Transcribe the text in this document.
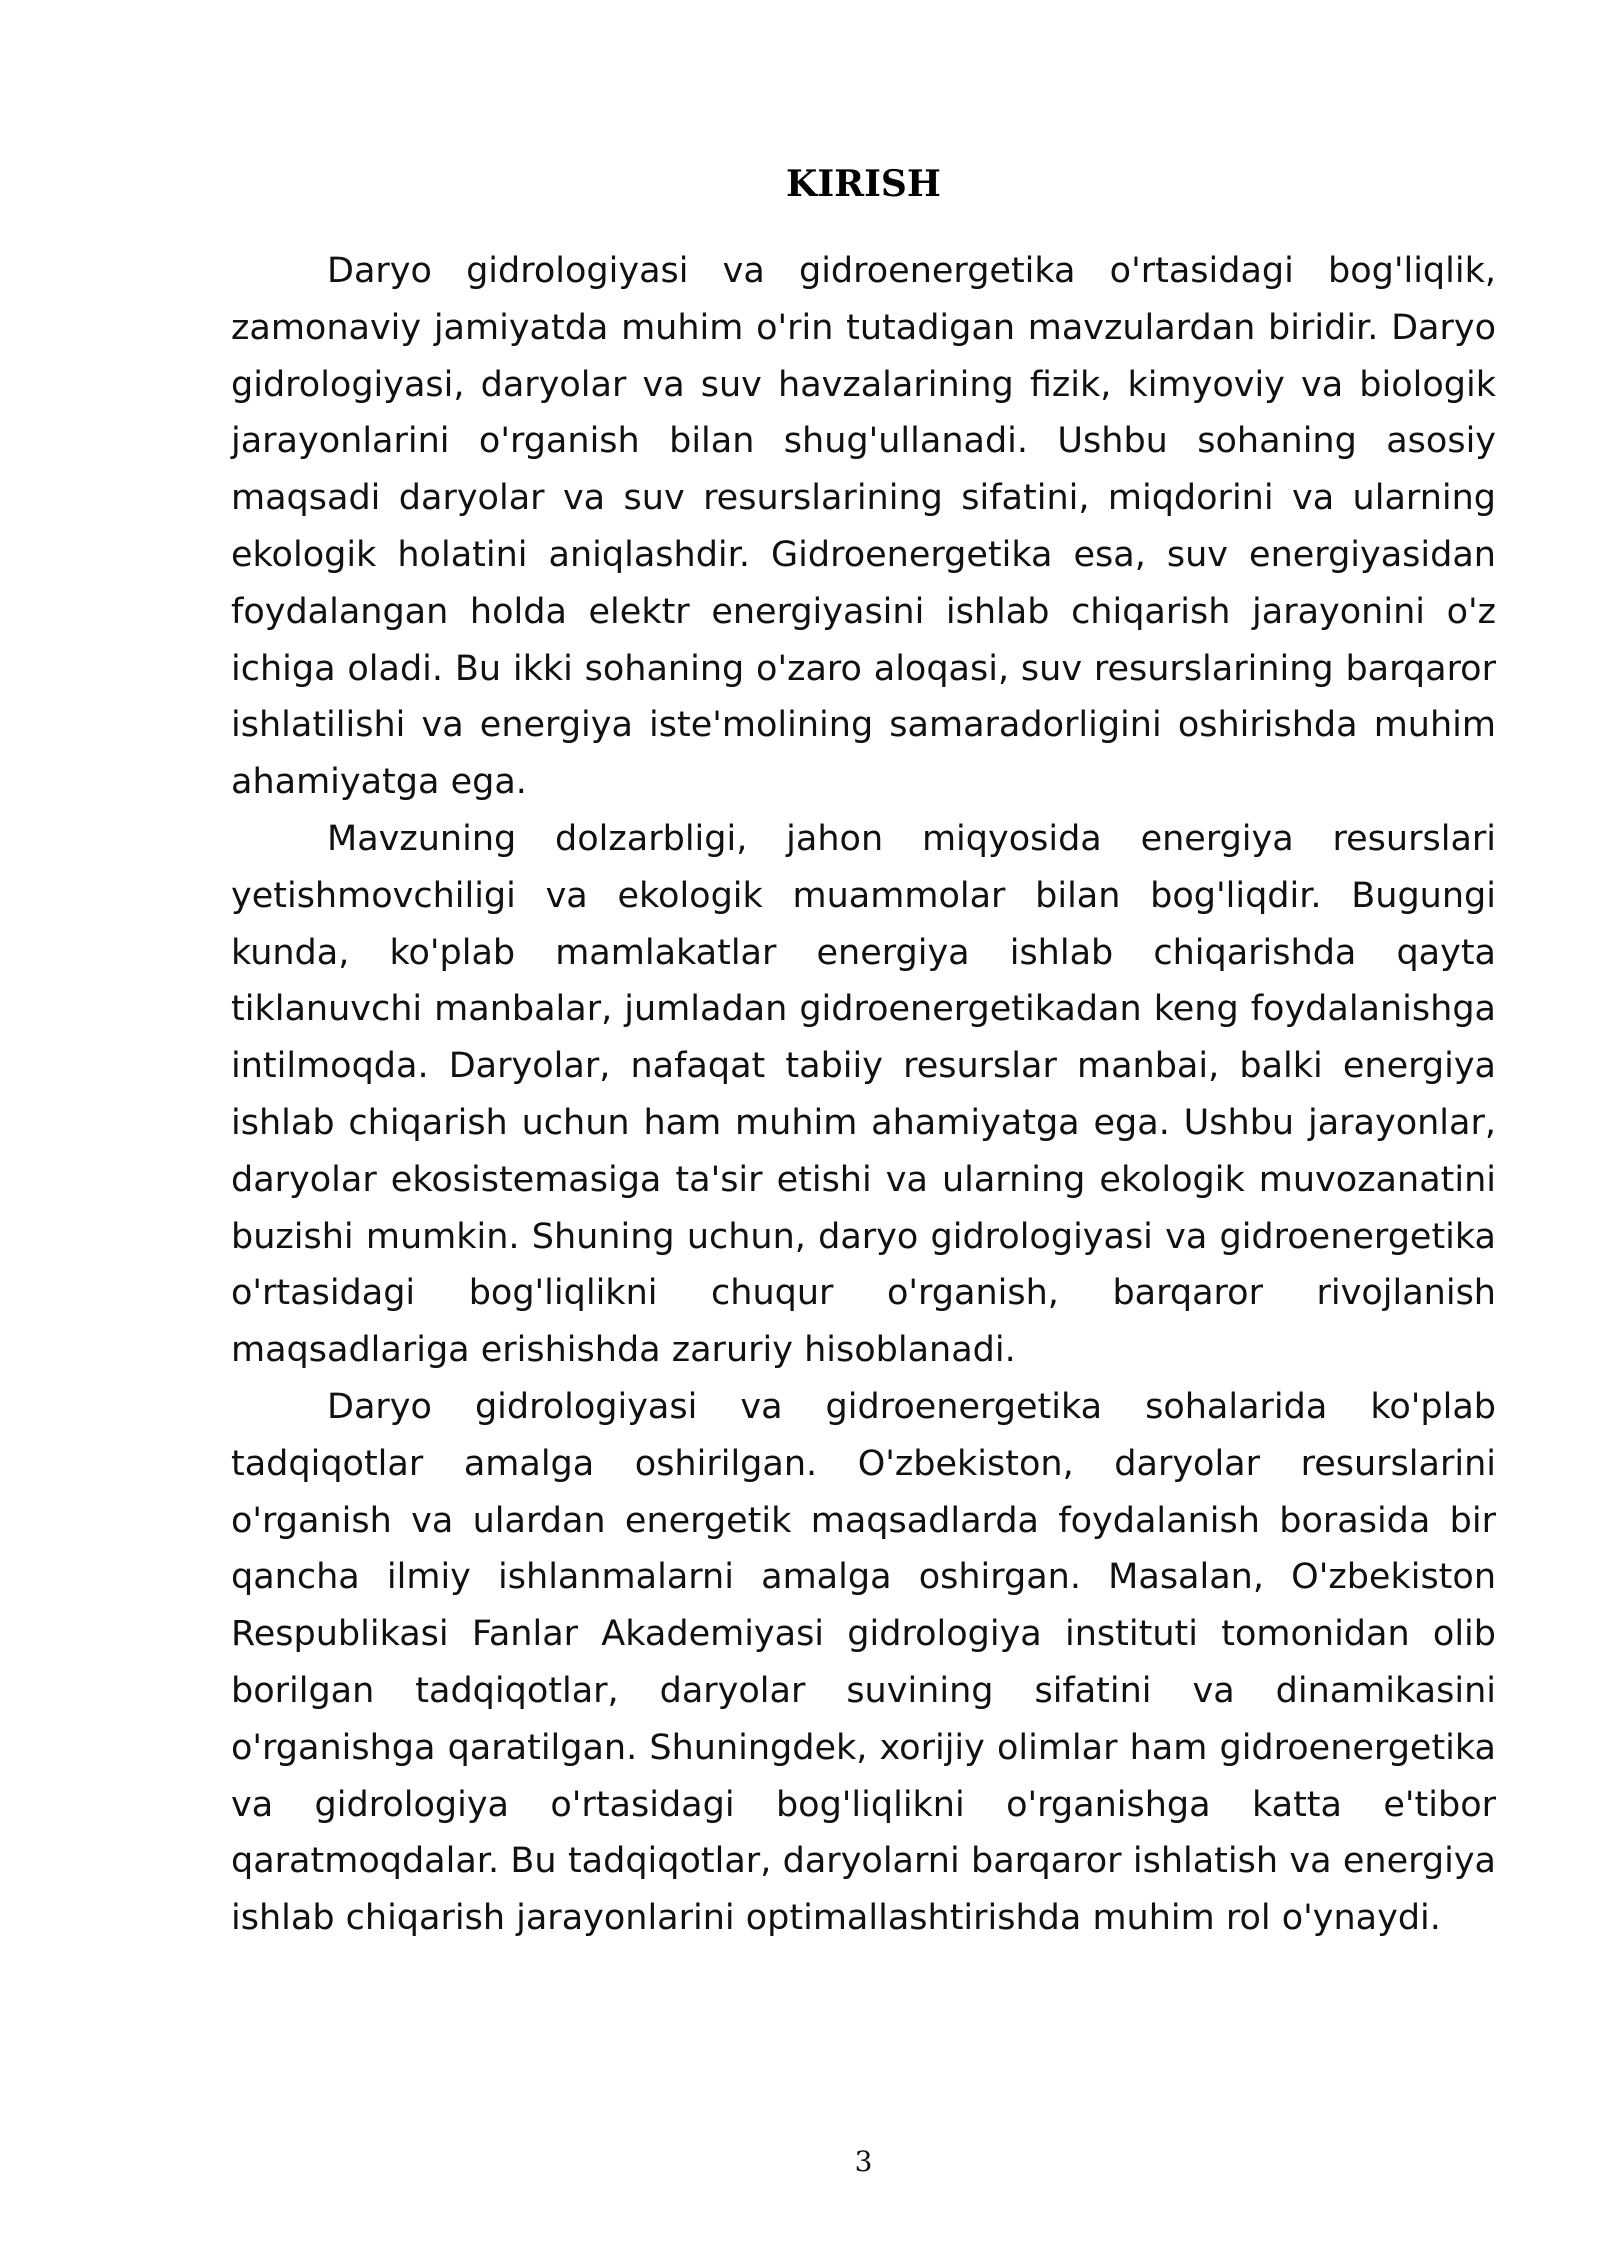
KIRISH

Daryo gidrologiyasi va gidroenergetika o'rtasidagi bog'liqlik, zamonaviy jamiyatda muhim o'rin tutadigan mavzulardan biridir. Daryo gidrologiyasi, daryolar va suv havzalarining fizik, kimyoviy va biologik jarayonlarini o'rganish bilan shug'ullanadi. Ushbu sohaning asosiy maqsadi daryolar va suv resurslarining sifatini, miqdorini va ularning ekologik holatini aniqlashdir. Gidroenergetika esa, suv energiyasidan foydalangan holda elektr energiyasini ishlab chiqarish jarayonini o'z ichiga oladi. Bu ikki sohaning o'zaro aloqasi, suv resurslarining barqaror ishlatilishi va energiya iste'molining samaradorligini oshirishda muhim ahamiyatga ega.

Mavzuning dolzarbligi, jahon miqyosida energiya resurslari yetishmovchiligi va ekologik muammolar bilan bog'liqdir. Bugungi kunda, ko'plab mamlakatlar energiya ishlab chiqarishda qayta tiklanuvchi manbalar, jumladan gidroenergetikadan keng foydalanishga intilmoqda. Daryolar, nafaqat tabiiy resurslar manbai, balki energiya ishlab chiqarish uchun ham muhim ahamiyatga ega. Ushbu jarayonlar, daryolar ekosistemasiga ta'sir etishi va ularning ekologik muvozanatini buzishi mumkin. Shuning uchun, daryo gidrologiyasi va gidroenergetika o'rtasidagi bog'liqlikni chuqur o'rganish, barqaror rivojlanish maqsadlariga erishishda zaruriy hisoblanadi.

Daryo gidrologiyasi va gidroenergetika sohalarida ko'plab tadqiqotlar amalga oshirilgan. O'zbekiston, daryolar resurslarini o'rganish va ulardan energetik maqsadlarda foydalanish borasida bir qancha ilmiy ishlanmalarni amalga oshirgan. Masalan, O'zbekiston Respublikasi Fanlar Akademiyasi gidrologiya instituti tomonidan olib borilgan tadqiqotlar, daryolar suvining sifatini va dinamikasini o'rganishga qaratilgan. Shuningdek, xorijiy olimlar ham gidroenergetika va gidrologiya o'rtasidagi bog'liqlikni o'rganishga katta e'tibor qaratmoqdalar. Bu tadqiqotlar, daryolarni barqaror ishlatish va energiya ishlab chiqarish jarayonlarini optimallashtirishda muhim rol o'ynaydi.

3
